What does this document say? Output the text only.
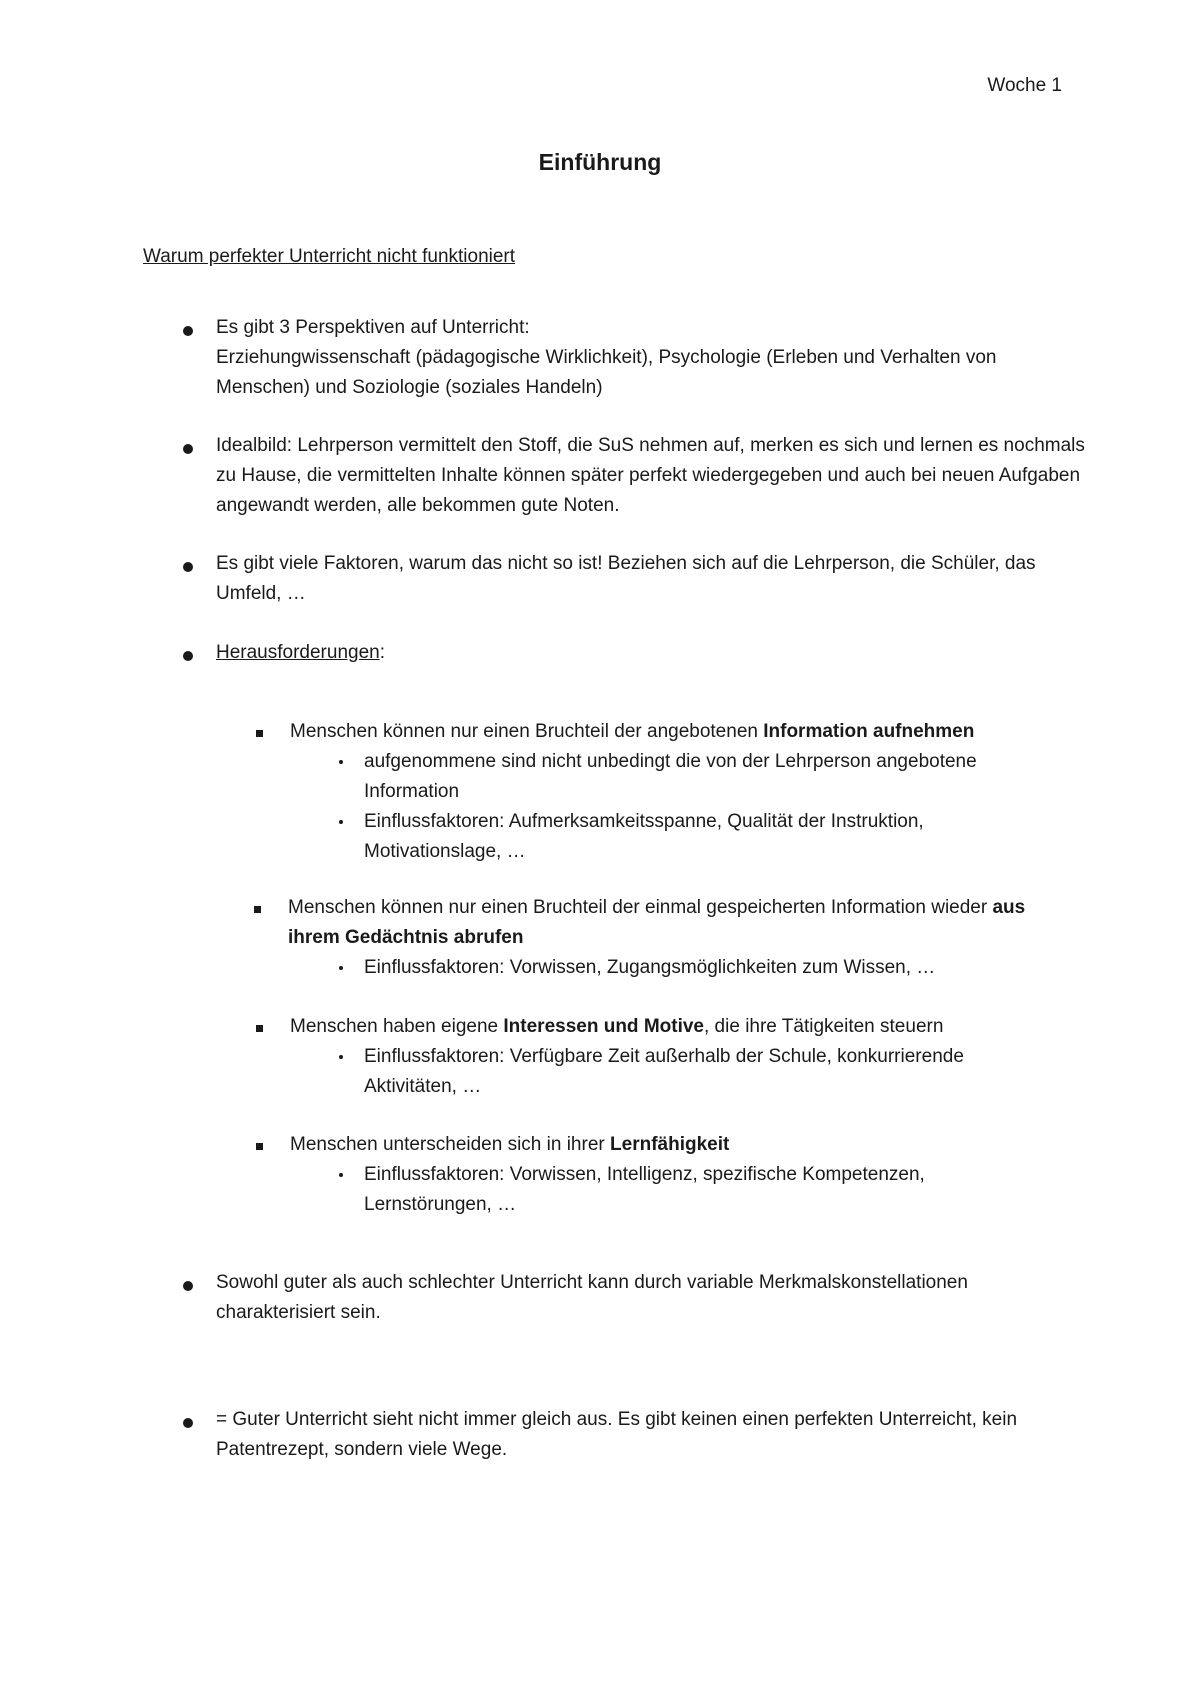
Woche 1
Einführung
Warum perfekter Unterricht nicht funktioniert

Es gibt 3 Perspektiven auf Unterricht:

Erziehungwissenschaft (pädagogische Wirklichkeit), Psychologie (Erleben und Verhalten von Menschen) und Soziologie (soziales Handeln)

Idealbild: Lehrperson vermittelt den Stoff, die SuS nehmen auf, merken es sich und lernen es nochmals zu Hause, die vermittelten Inhalte können später perfekt wiedergegeben und auch bei neuen Aufgaben angewandt werden, alle bekommen gute Noten.
Es gibt viele Faktoren, warum das nicht so ist! Beziehen sich auf die Lehrperson, die Schüler, das Umfeld, …
Herausforderungen:
Menschen können nur einen Bruchteil der angebotenen Information aufnehmen
aufgenommene sind nicht unbedingt die von der Lehrperson angebotene Information
Einflussfaktoren: Aufmerksamkeitsspanne, Qualität der Instruktion, Motivationslage, …
Menschen können nur einen Bruchteil der einmal gespeicherten Information wieder aus ihrem Gedächtnis abrufen
Einflussfaktoren: Vorwissen, Zugangsmöglichkeiten zum Wissen, …
Menschen haben eigene Interessen und Motive, die ihre Tätigkeiten steuern
Einflussfaktoren: Verfügbare Zeit außerhalb der Schule, konkurrierende Aktivitäten, …
Menschen unterscheiden sich in ihrer Lernfähigkeit
Einflussfaktoren: Vorwissen, Intelligenz, spezifische Kompetenzen, Lernstörungen, …
Sowohl guter als auch schlechter Unterricht kann durch variable Merkmalskonstellationen charakterisiert sein.
= Guter Unterricht sieht nicht immer gleich aus. Es gibt keinen einen perfekten Unterreicht, kein Patentrezept, sondern viele Wege.
